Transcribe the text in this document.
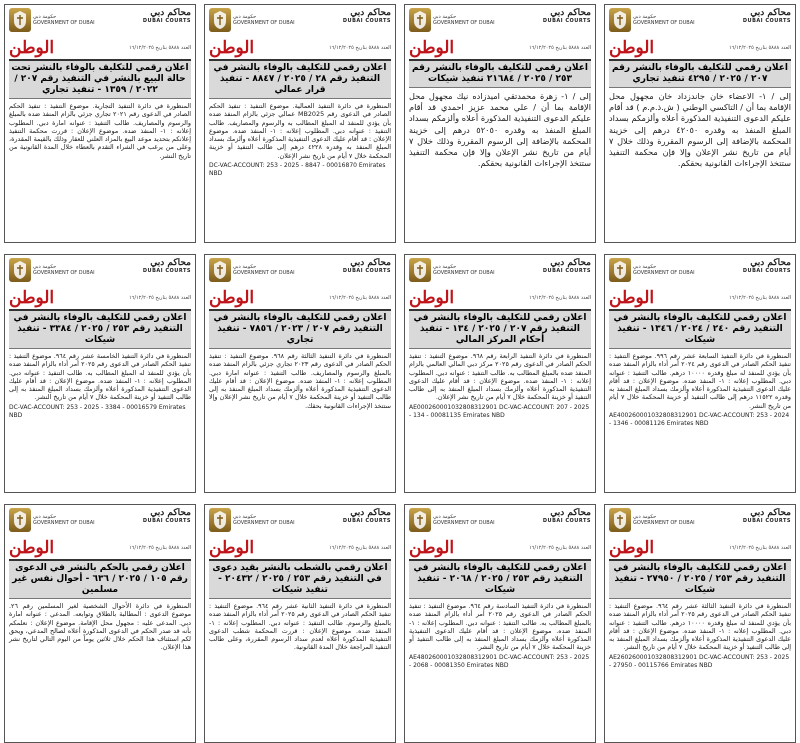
حكومة دبي
GOVERNMENT OF DUBAI
محاكم دبي
DUBAI COURTS
العدد ٥٨٨٨ بتاريخ ١٦/١٢/٢٠٢٥
الوطن
اعلان رقمي للتكليف بالوفاء بالنشر رقم ٢٠٧ / ٢٠٢٥ / ٤٢٩٥ تنفيذ تجاري
إلى / ١- الاعضاء خان جاندزداد خان مجهول محل الإقامة بما أن / التاكسي الوطني ( ش.ذ.م.م ) قد أقام عليكم الدعوى التنفيذية المذكورة أعلاه وألزمكم بسداد المبلغ المنفذ به وقدره ٤٢٠٥٠ درهم إلى خزينة المحكمة بالإضافة إلى الرسوم المقررة وذلك خلال ٧ أيام من تاريخ نشر الإعلان وإلا فإن محكمة التنفيذ ستتخذ الإجراءات القانونية بحقكم.
حكومة دبي
GOVERNMENT OF DUBAI
محاكم دبي
DUBAI COURTS
العدد ٥٨٨٨ بتاريخ ١٦/١٢/٢٠٢٥
الوطن
اعلان رقمي للتكليف بالوفاء بالنشر رقم ٢٥٣ / ٢٠٢٥ / ٢١٦٨٤ تنفيذ شيكات
إلى / ١- زهرة محمدتقي اميدزاده نيك مجهول محل الإقامة بما أن / علي محمد عزيز احمدي قد أقام عليكم الدعوى التنفيذية المذكورة أعلاه وألزمكم بسداد المبلغ المنفذ به وقدره ٥٢٠٥٠ درهم إلى خزينة المحكمة بالإضافة إلى الرسوم المقررة وذلك خلال ٧ أيام من تاريخ نشر الإعلان وإلا فإن محكمة التنفيذ ستتخذ الإجراءات القانونية بحقكم.
حكومة دبي
GOVERNMENT OF DUBAI
محاكم دبي
DUBAI COURTS
العدد ٥٨٨٨ بتاريخ ١٦/١٢/٢٠٢٥
الوطن
اعلان رقمي للتكليف بالوفاء بالنشر في التنفيذ رقم ٢٨ / ٢٠٢٥ / ٨٨٤٧ - تنفيذ قرار عمالي
المنظورة في دائرة التنفيذ العمالية. موضوع التنفيذ : تنفيذ الحكم الصادر في الدعوى رقم MB2025 عمالي جزئي بالزام المنفذ ضده بأن يؤدي للمنفذ له المبلغ المطالب به والرسوم والمصاريف. طالب التنفيذ : عنوانه دبي. المطلوب إعلانه : ١- المنفذ ضده. موضوع الإعلان : قد أقام عليك الدعوى التنفيذية المذكورة أعلاه وألزمك بسداد المبلغ المنفذ به وقدره ٤٢٢٨ درهم إلى طالب التنفيذ أو خزينة المحكمة خلال ٧ أيام من تاريخ نشر الإعلان.
DC-VAC-ACCOUNT: 253 - 2025 - 8847 - 00016870 Emirates NBD
حكومة دبي
GOVERNMENT OF DUBAI
محاكم دبي
DUBAI COURTS
العدد ٥٨٨٨ بتاريخ ١٦/١٢/٢٠٢٥
الوطن
اعلان رقمي للتكليف بالوفاء بالنشر تحت حالة البيع بالنشر في التنفيذ رقم ٢٠٧ / ٢٠٢٢ / ١٣٥٩ - تنفيذ تجاري
المنظورة في دائرة التنفيذ التجارية. موضوع التنفيذ : تنفيذ الحكم الصادر في الدعوى رقم ٢٠٢١ تجاري جزئي بالزام المنفذ ضده بالمبلغ والرسوم والمصاريف. طالب التنفيذ : عنوانه امارة دبي. المطلوب إعلانه : ١- المنفذ ضده. موضوع الإعلان : قررت محكمة التنفيذ إعلانكم بتحديد موعد البيع بالمزاد العلني للعقار وذلك بالقيمة المقدرة، وعلى من يرغب في الشراء التقدم بالعطاء خلال المدة القانونية من تاريخ النشر.
حكومة دبي
GOVERNMENT OF DUBAI
محاكم دبي
DUBAI COURTS
العدد ٥٨٨٨ بتاريخ ١٦/١٢/٢٠٢٥
الوطن
اعلان رقمي للتكليف بالوفاء بالنشر في التنفيذ رقم ٢٤٠ / ٢٠٢٤ / ١٣٤٦ - تنفيذ شيكات
المنظورة في دائرة التنفيذ السابعة عشر رقم ٩٩٦. موضوع التنفيذ : تنفيذ الحكم الصادر في الدعوى رقم ٢٠٢٤ أمر أداء بالزام المنفذ ضده بأن يؤدي للمنفذ له مبلغ وقدره ١٠٠٠٠ درهم. طالب التنفيذ : عنوانه دبي. المطلوب إعلانه : ١- المنفذ ضده. موضوع الإعلان : قد أقام عليك الدعوى التنفيذية المذكورة أعلاه وألزمك بسداد المبلغ المنفذ به وقدره ١١٥٢٢ درهم إلى طالب التنفيذ أو خزينة المحكمة خلال ٧ أيام من تاريخ النشر.
AE400260001032808312901 DC-VAC-ACCOUNT: 253 - 2024 - 1346 - 00081126 Emirates NBD
حكومة دبي
GOVERNMENT OF DUBAI
محاكم دبي
DUBAI COURTS
العدد ٥٨٨٨ بتاريخ ١٦/١٢/٢٠٢٥
الوطن
اعلان رقمي للتكليف بالوفاء بالنشر في التنفيذ رقم ٢٠٧ / ٢٠٢٥ / ١٣٤ - تنفيذ أحكام المركز المالي
المنظورة في دائرة التنفيذ الرابعة رقم ٩٦٨. موضوع التنفيذ : تنفيذ الحكم الصادر في الدعوى رقم ٢٠٢٥ مركز دبي المالي العالمي بالزام المنفذ ضده بالمبلغ المطالب به. طالب التنفيذ : عنوانه دبي. المطلوب إعلانه : ١- المنفذ ضده. موضوع الإعلان : قد أقام عليك الدعوى التنفيذية المذكورة أعلاه وألزمك بسداد المبلغ المنفذ به إلى طالب التنفيذ أو خزينة المحكمة خلال ٧ أيام من تاريخ نشر الإعلان.
AE000260001032808312901 DC-VAC-ACCOUNT: 207 - 2025 - 134 - 00081135 Emirates NBD
حكومة دبي
GOVERNMENT OF DUBAI
محاكم دبي
DUBAI COURTS
العدد ٥٨٨٨ بتاريخ ١٦/١٢/٢٠٢٥
الوطن
اعلان رقمي للتكليف بالوفاء بالنشر في التنفيذ رقم ٢٠٧ / ٢٠٢٣ / ٧٨٥٦ - تنفيذ تجاري
المنظورة في دائرة التنفيذ الثالثة رقم ٩٦٨. موضوع التنفيذ : تنفيذ الحكم الصادر في الدعوى رقم ٢٠٢٣ تجاري جزئي بالزام المنفذ ضده بالمبلغ والرسوم والمصاريف. طالب التنفيذ : عنوانه امارة دبي. المطلوب إعلانه : ١- المنفذ ضده. موضوع الإعلان : قد أقام عليك الدعوى التنفيذية المذكورة أعلاه وألزمك بسداد المبلغ المنفذ به إلى طالب التنفيذ أو خزينة المحكمة خلال ٧ أيام من تاريخ نشر الإعلان وإلا ستتخذ الإجراءات القانونية بحقك.
حكومة دبي
GOVERNMENT OF DUBAI
محاكم دبي
DUBAI COURTS
العدد ٥٨٨٨ بتاريخ ١٦/١٢/٢٠٢٥
الوطن
اعلان رقمي للتكليف بالوفاء بالنشر في التنفيذ رقم ٢٥٣ / ٢٠٢٥ / ٣٣٨٤ - تنفيذ شيكات
المنظورة في دائرة التنفيذ الخامسة عشر رقم ٩٦٤. موضوع التنفيذ : تنفيذ الحكم الصادر في الدعوى رقم ٢٠٢٥ أمر أداء بالزام المنفذ ضده بأن يؤدي للمنفذ له المبلغ المطالب به. طالب التنفيذ : عنوانه دبي. المطلوب إعلانه : ١- المنفذ ضده. موضوع الإعلان : قد أقام عليك الدعوى التنفيذية المذكورة أعلاه وألزمك بسداد المبلغ المنفذ به إلى طالب التنفيذ أو خزينة المحكمة خلال ٧ أيام من تاريخ النشر.
DC-VAC-ACCOUNT: 253 - 2025 - 3384 - 00016579 Emirates NBD
حكومة دبي
GOVERNMENT OF DUBAI
محاكم دبي
DUBAI COURTS
العدد ٥٨٨٨ بتاريخ ١٦/١٢/٢٠٢٥
الوطن
اعلان رقمي للتكليف بالوفاء بالنشر في التنفيذ رقم ٢٥٣ / ٢٠٢٥ / ٢٧٩٥٠ - تنفيذ شيكات
المنظورة في دائرة التنفيذ الثالثة عشر رقم ٩٦٤. موضوع التنفيذ : تنفيذ الحكم الصادر في الدعوى رقم ٢٠٢٥ أمر أداء بالزام المنفذ ضده بأن يؤدي للمنفذ له مبلغ وقدره ١٠٠٠٠ درهم. طالب التنفيذ : عنوانه دبي. المطلوب إعلانه : ١- المنفذ ضده. موضوع الإعلان : قد أقام عليك الدعوى التنفيذية المذكورة أعلاه وألزمك بسداد المبلغ المنفذ به إلى طالب التنفيذ أو خزينة المحكمة خلال ٧ أيام من تاريخ النشر.
AE260260001032808312901 DC-VAC-ACCOUNT: 253 - 2025 - 27950 - 00115766 Emirates NBD
حكومة دبي
GOVERNMENT OF DUBAI
محاكم دبي
DUBAI COURTS
العدد ٥٨٨٨ بتاريخ ١٦/١٢/٢٠٢٥
الوطن
اعلان رقمي للتكليف بالوفاء بالنشر في التنفيذ رقم ٢٥٣ / ٢٠٢٥ / ٢٠٦٨ - تنفيذ شيكات
المنظورة في دائرة التنفيذ السادسة رقم ٩٦٤. موضوع التنفيذ : تنفيذ الحكم الصادر في الدعوى رقم ٢٠٢٥ أمر أداء بالزام المنفذ ضده بالمبلغ المطالب به. طالب التنفيذ : عنوانه دبي. المطلوب إعلانه : ١- المنفذ ضده. موضوع الإعلان : قد أقام عليك الدعوى التنفيذية المذكورة أعلاه وألزمك بسداد المبلغ المنفذ به إلى طالب التنفيذ أو خزينة المحكمة خلال ٧ أيام من تاريخ النشر.
AE480260001032808312901 DC-VAC-ACCOUNT: 253 - 2025 - 2068 - 00081350 Emirates NBD
حكومة دبي
GOVERNMENT OF DUBAI
محاكم دبي
DUBAI COURTS
العدد ٥٨٨٨ بتاريخ ١٦/١٢/٢٠٢٥
الوطن
اعلان رقمي بالشطب بالنشر بقيد دعوى في التنفيذ رقم ٢٥٣ / ٢٠٢٥ / ٢٠٤٣٢ - تنفيذ شيكات
المنظورة في دائرة التنفيذ الثانية عشر رقم ٩٦٤. موضوع التنفيذ : تنفيذ الحكم الصادر في الدعوى رقم ٢٠٢٥ أمر أداء بالزام المنفذ ضده بالمبلغ والرسوم. طالب التنفيذ : عنوانه دبي. المطلوب إعلانه : ١- المنفذ ضده. موضوع الإعلان : قررت المحكمة شطب الدعوى التنفيذية المذكورة أعلاه لعدم سداد الرسوم المقررة، وعلى طالب التنفيذ المراجعة خلال المدة القانونية.
حكومة دبي
GOVERNMENT OF DUBAI
محاكم دبي
DUBAI COURTS
العدد ٥٨٨٨ بتاريخ ١٦/١٢/٢٠٢٥
الوطن
اعلان رقمي بالحكم بالنشر في الدعوى رقم ١٠٥ / ٢٠٢٥ / ٦٣٦ - أحوال نفس غير مسلمين
المنظورة في دائرة الأحوال الشخصية لغير المسلمين رقم ٢٦. موضوع الدعوى : المطالبة بالطلاق وتوابعه. المدعي : عنوانه امارة دبي. المدعى عليه : مجهول محل الإقامة. موضوع الإعلان : نعلمكم بأنه قد صدر الحكم في الدعوى المذكورة أعلاه لصالح المدعي، ويحق لكم استئناف هذا الحكم خلال ثلاثين يوماً من اليوم التالي لتاريخ نشر هذا الإعلان.
